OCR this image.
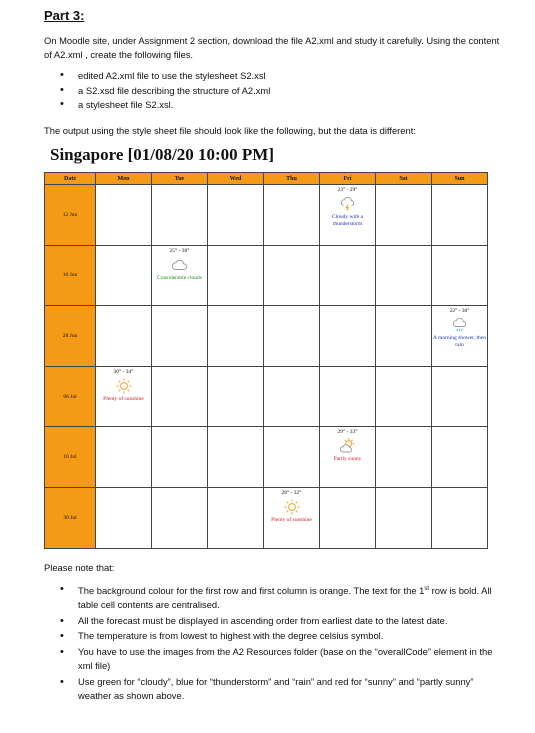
Part 3:
On Moodle site, under Assignment 2 section, download the file A2.xml and study it carefully. Using the content of A2.xml , create the following files.
• edited A2.xml file to use the stylesheet S2.xsl
• a S2.xsd file describing the structure of A2.xml
• a stylesheet file S2.xsl.
The output using the style sheet file should look like the following, but the data is different:
Singapore [01/08/20 10:00 PM]
Date	Mon	Tue	Wed	Thu	Fri	Sat	Sun
12 Jun					23° - 29°
Cloudy with a thunderstorm		

16 Jun		25° - 30°
Considerable clouds					

28 Jun							22° - 30°
A morning shower, then rain

06 Jul	30° - 34°
Plenty of sunshine						

10 Jul					29° - 33°
Partly sunny		

30 Jul				28° - 32°
Plenty of sunshine			

Please note that:
• The background colour for the first row and first column is orange. The text for the 1st row is bold. All table cell contents are centralised.
• All the forecast must be displayed in ascending order from earliest date to the latest date.
• The temperature is from lowest to highest with the degree celsius symbol.
• You have to use the images from the A2 Resources folder (base on the “overallCode” element in the xml file)
• Use green for “cloudy”, blue for “thunderstorm” and “rain” and red for “sunny” and “partly sunny” weather as shown above.
